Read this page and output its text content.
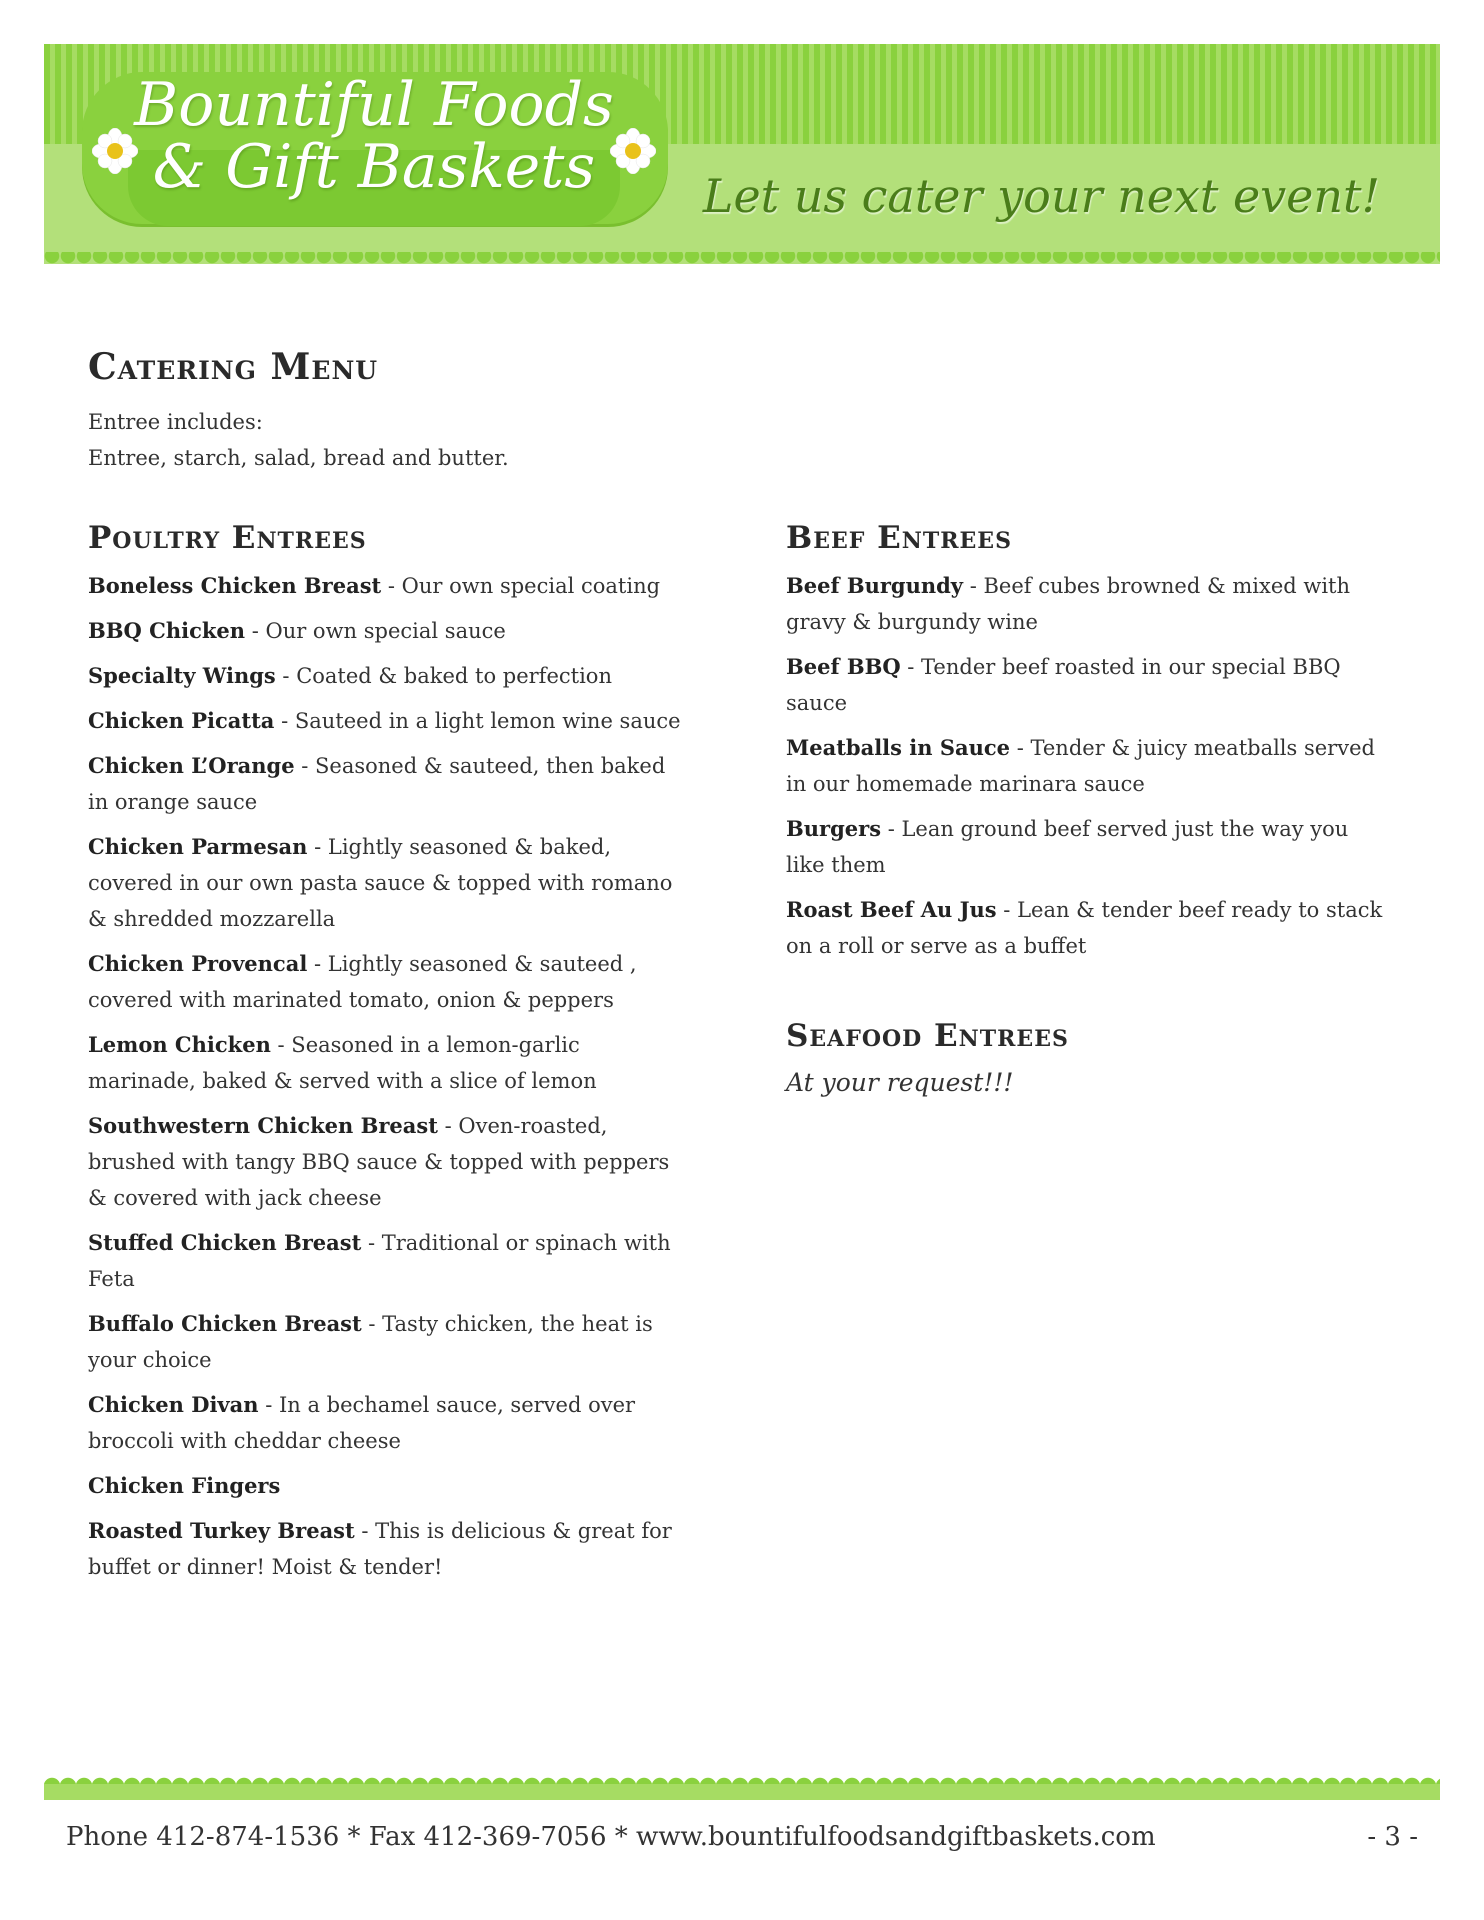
Bountiful Foods
& Gift Baskets	Let us cater your next event!
Catering Menu
Entree includes:
Entree, starch, salad, bread and butter.
Poultry Entrees

Boneless Chicken Breast - Our own special coating

BBQ Chicken - Our own special sauce

Specialty Wings - Coated & baked to perfection

Chicken Picatta - Sauteed in a light lemon wine sauce

Chicken L’Orange - Seasoned & sauteed, then baked in orange sauce

Chicken Parmesan - Lightly seasoned & baked, covered in our own pasta sauce & topped with romano & shredded mozzarella

Chicken Provencal - Lightly seasoned & sauteed , covered with marinated tomato, onion & peppers

Lemon Chicken - Seasoned in a lemon-garlic marinade, baked & served with a slice of lemon

Southwestern Chicken Breast - Oven-roasted, brushed with tangy BBQ sauce & topped with peppers & covered with jack cheese

Stuffed Chicken Breast - Traditional or spinach with Feta

Buffalo Chicken Breast - Tasty chicken, the heat is your choice

Chicken Divan - In a bechamel sauce, served over broccoli with cheddar cheese

Chicken Fingers

Roasted Turkey Breast - This is delicious & great for buffet or dinner! Moist & tender!

Beef Entrees

Beef Burgundy - Beef cubes browned & mixed with gravy & burgundy wine

Beef BBQ - Tender beef roasted in our special BBQ sauce

Meatballs in Sauce - Tender & juicy meatballs served in our homemade marinara sauce

Burgers - Lean ground beef served just the way you like them

Roast Beef Au Jus - Lean & tender beef ready to stack on a roll or serve as a buffet

Seafood Entrees
At your request!!!
Phone 412-874-1536 * Fax 412-369-7056 * www.bountifulfoodsandgiftbaskets.com	- 3 -
